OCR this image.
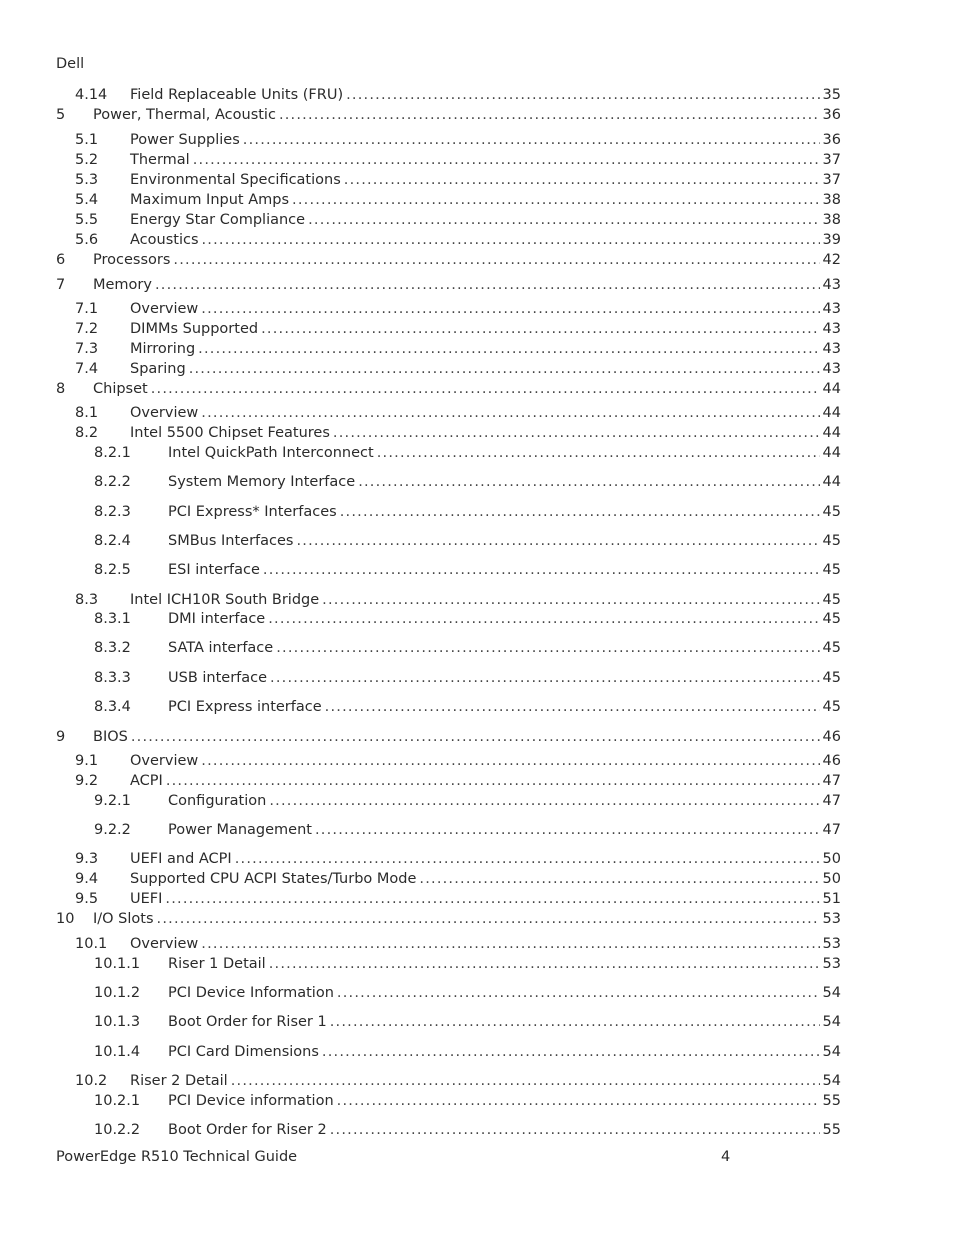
Dell
4.14	Field Replaceable Units (FRU) .....	35
5	Power, Thermal, Acoustic .....	36
5.1	Power Supplies .....	36
5.2	Thermal .....	37
5.3	Environmental Specifications .....	37
5.4	Maximum Input Amps .....	38
5.5	Energy Star Compliance .....	38
5.6	Acoustics .....	39
6	Processors .....	42
7	Memory .....	43
7.1	Overview .....	43
7.2	DIMMs Supported .....	43
7.3	Mirroring .....	43
7.4	Sparing .....	43
8	Chipset .....	44
8.1	Overview .....	44
8.2	Intel 5500 Chipset Features .....	44
8.2.1	Intel QuickPath Interconnect .....	44
8.2.2	System Memory Interface .....	44
8.2.3	PCI Express* Interfaces .....	45
8.2.4	SMBus Interfaces .....	45
8.2.5	ESI interface .....	45
8.3	Intel ICH10R South Bridge .....	45
8.3.1	DMI interface .....	45
8.3.2	SATA interface .....	45
8.3.3	USB interface .....	45
8.3.4	PCI Express interface .....	45
9	BIOS .....	46
9.1	Overview .....	46
9.2	ACPI .....	47
9.2.1	Configuration .....	47
9.2.2	Power Management .....	47
9.3	UEFI and ACPI .....	50
9.4	Supported CPU ACPI States/Turbo Mode .....	50
9.5	UEFI .....	51
10	I/O Slots .....	53
10.1	Overview .....	53
10.1.1	Riser 1 Detail .....	53
10.1.2	PCI Device Information .....	54
10.1.3	Boot Order for Riser 1 .....	54
10.1.4	PCI Card Dimensions .....	54
10.2	Riser 2 Detail .....	54
10.2.1	PCI Device information .....	55
10.2.2	Boot Order for Riser 2 .....	55
PowerEdge R510 Technical Guide	4
